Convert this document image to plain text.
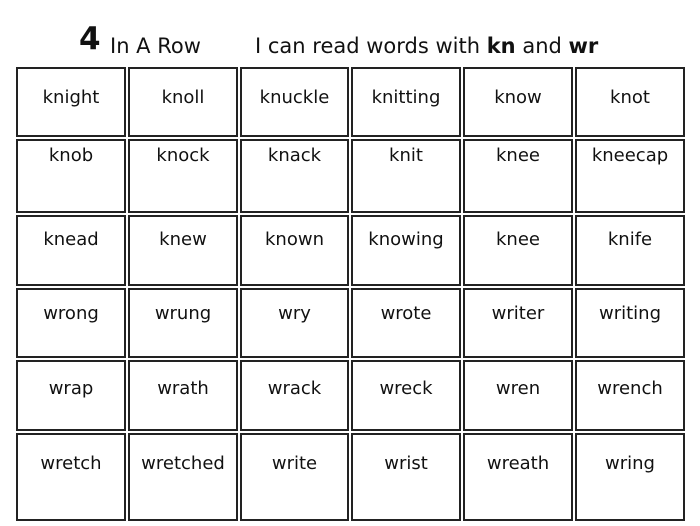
4 In A Row	I can read words with kn and wr
knight	knoll	knuckle	knitting	know	knot
knob	knock	knack	knit	knee	kneecap
knead	knew	known	knowing	knee	knife
wrong	wrung	wry	wrote	writer	writing
wrap	wrath	wrack	wreck	wren	wrench
wretch	wretched	write	wrist	wreath	wring
